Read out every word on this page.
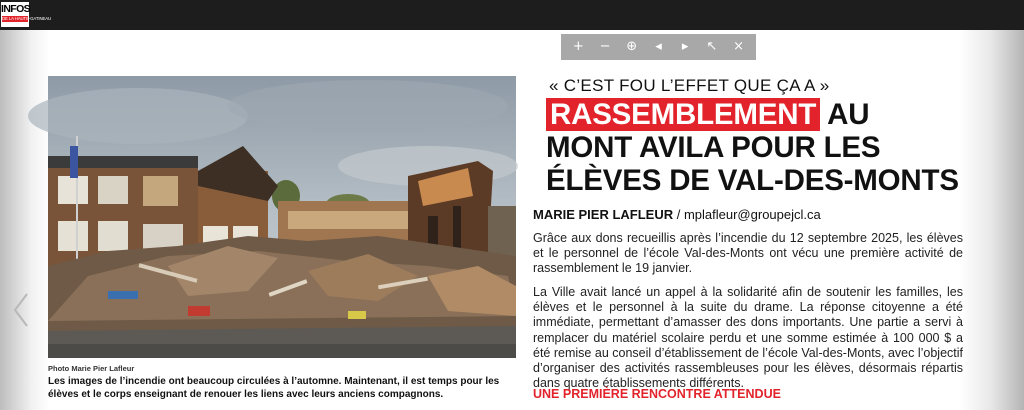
INFOS
DE LA HAUTE-GATINEAU
+	−	⊕	◂	▸	↖	×
Photo Marie Pier Lafleur
Les images de l’incendie ont beaucoup circulées à l’automne. Maintenant, il est temps pour les élèves et le corps enseignant de renouer les liens avec leurs anciens compagnons.
« C’EST FOU L’EFFET QUE ÇA A »
RASSEMBLEMENT AU
MONT AVILA POUR LES
ÉLÈVES DE VAL-DES-MONTS
MARIE PIER LAFLEUR / mplafleur@groupejcl.ca
Grâce aux dons recueillis après l’incendie du 12 septembre 2025, les élèves et le personnel de l’école Val-des-Monts ont vécu une première activité de rassemblement le 19 janvier.
La Ville avait lancé un appel à la solidarité afin de soutenir les familles, les élèves et le personnel à la suite du drame. La réponse citoyenne a été immédiate, permettant d’amasser des dons importants. Une partie a servi à remplacer du matériel scolaire perdu et une somme estimée à 100 000 $ a été remise au conseil d’établissement de l’école Val-des-Monts, avec l’objectif d’organiser des activités rassembleuses pour les élèves, désormais répartis dans quatre établissements différents.
UNE PREMIÈRE RENCONTRE ATTENDUE
